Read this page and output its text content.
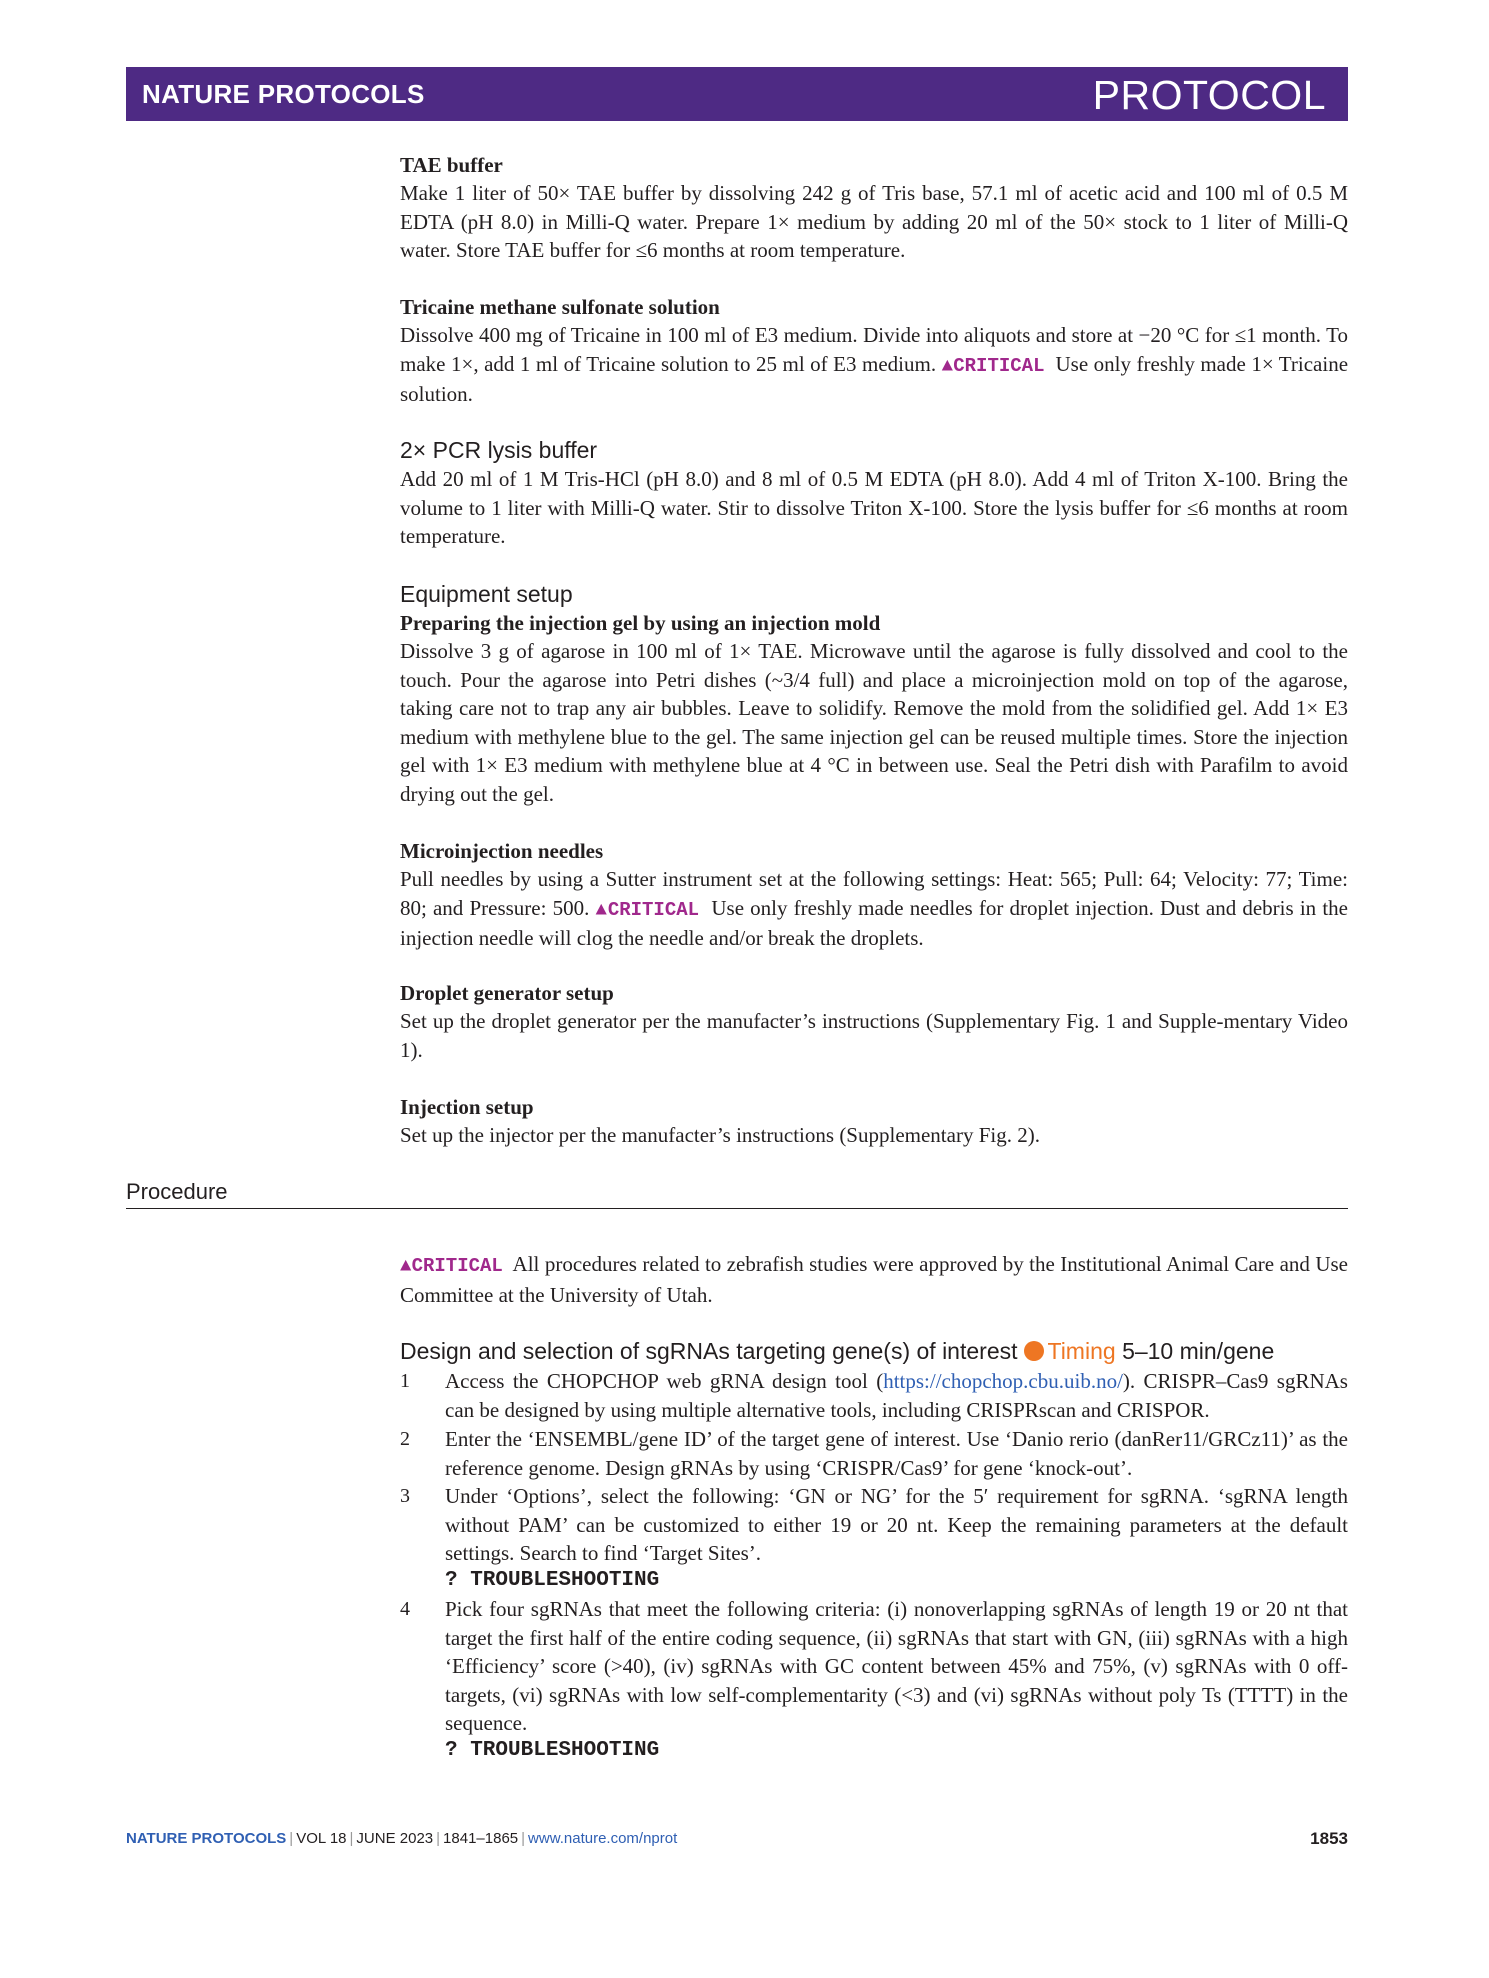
NATURE PROTOCOLS	PROTOCOL

TAE buffer

Make 1 liter of 50× TAE buffer by dissolving 242 g of Tris base, 57.1 ml of acetic acid and 100 ml of 0.5 M EDTA (pH 8.0) in Milli-Q water. Prepare 1× medium by adding 20 ml of the 50× stock to 1 liter of Milli-Q water. Store TAE buffer for ≤6 months at room temperature.

Tricaine methane sulfonate solution

Dissolve 400 mg of Tricaine in 100 ml of E3 medium. Divide into aliquots and store at −20 °C for ≤1 month. To make 1×, add 1 ml of Tricaine solution to 25 ml of E3 medium. ▲CRITICAL Use only freshly made 1× Tricaine solution.

2× PCR lysis buffer

Add 20 ml of 1 M Tris-HCl (pH 8.0) and 8 ml of 0.5 M EDTA (pH 8.0). Add 4 ml of Triton X-100. Bring the volume to 1 liter with Milli-Q water. Stir to dissolve Triton X-100. Store the lysis buffer for ≤6 months at room temperature.

Equipment setup

Preparing the injection gel by using an injection mold

Dissolve 3 g of agarose in 100 ml of 1× TAE. Microwave until the agarose is fully dissolved and cool to the touch. Pour the agarose into Petri dishes (~3/4 full) and place a microinjection mold on top of the agarose, taking care not to trap any air bubbles. Leave to solidify. Remove the mold from the solidified gel. Add 1× E3 medium with methylene blue to the gel. The same injection gel can be reused multiple times. Store the injection gel with 1× E3 medium with methylene blue at 4 °C in between use. Seal the Petri dish with Parafilm to avoid drying out the gel.

Microinjection needles

Pull needles by using a Sutter instrument set at the following settings: Heat: 565; Pull: 64; Velocity: 77; Time: 80; and Pressure: 500. ▲CRITICAL Use only freshly made needles for droplet injection. Dust and debris in the injection needle will clog the needle and/or break the droplets.

Droplet generator setup

Set up the droplet generator per the manufacter’s instructions (Supplementary Fig. 1 and Supple-mentary Video 1).

Injection setup

Set up the injector per the manufacter’s instructions (Supplementary Fig. 2).

Procedure

▲CRITICAL All procedures related to zebrafish studies were approved by the Institutional Animal Care and Use Committee at the University of Utah.

Design and selection of sgRNAs targeting gene(s) of interest Timing 5–10 min/gene

1 Access the CHOPCHOP web gRNA design tool (https://chopchop.cbu.uib.no/). CRISPR–Cas9 sgRNAs can be designed by using multiple alternative tools, including CRISPRscan and CRISPOR.

2 Enter the ‘ENSEMBL/gene ID’ of the target gene of interest. Use ‘Danio rerio (danRer11/GRCz11)’ as the reference genome. Design gRNAs by using ‘CRISPR/Cas9’ for gene ‘knock-out’.

3 Under ‘Options’, select the following: ‘GN or NG’ for the 5′ requirement for sgRNA. ‘sgRNA length without PAM’ can be customized to either 19 or 20 nt. Keep the remaining parameters at the default settings. Search to find ‘Target Sites’.

? TROUBLESHOOTING
4 Pick four sgRNAs that meet the following criteria: (i) nonoverlapping sgRNAs of length 19 or 20 nt that target the first half of the entire coding sequence, (ii) sgRNAs that start with GN, (iii) sgRNAs with a high ‘Efficiency’ score (>40), (iv) sgRNAs with GC content between 45% and 75%, (v) sgRNAs with 0 off-targets, (vi) sgRNAs with low self-complementarity (<3) and (vi) sgRNAs without poly Ts (TTTT) in the sequence.

? TROUBLESHOOTING
NATURE PROTOCOLS | VOL 18 | JUNE 2023 | 1841–1865 | www.nature.com/nprot	1853
